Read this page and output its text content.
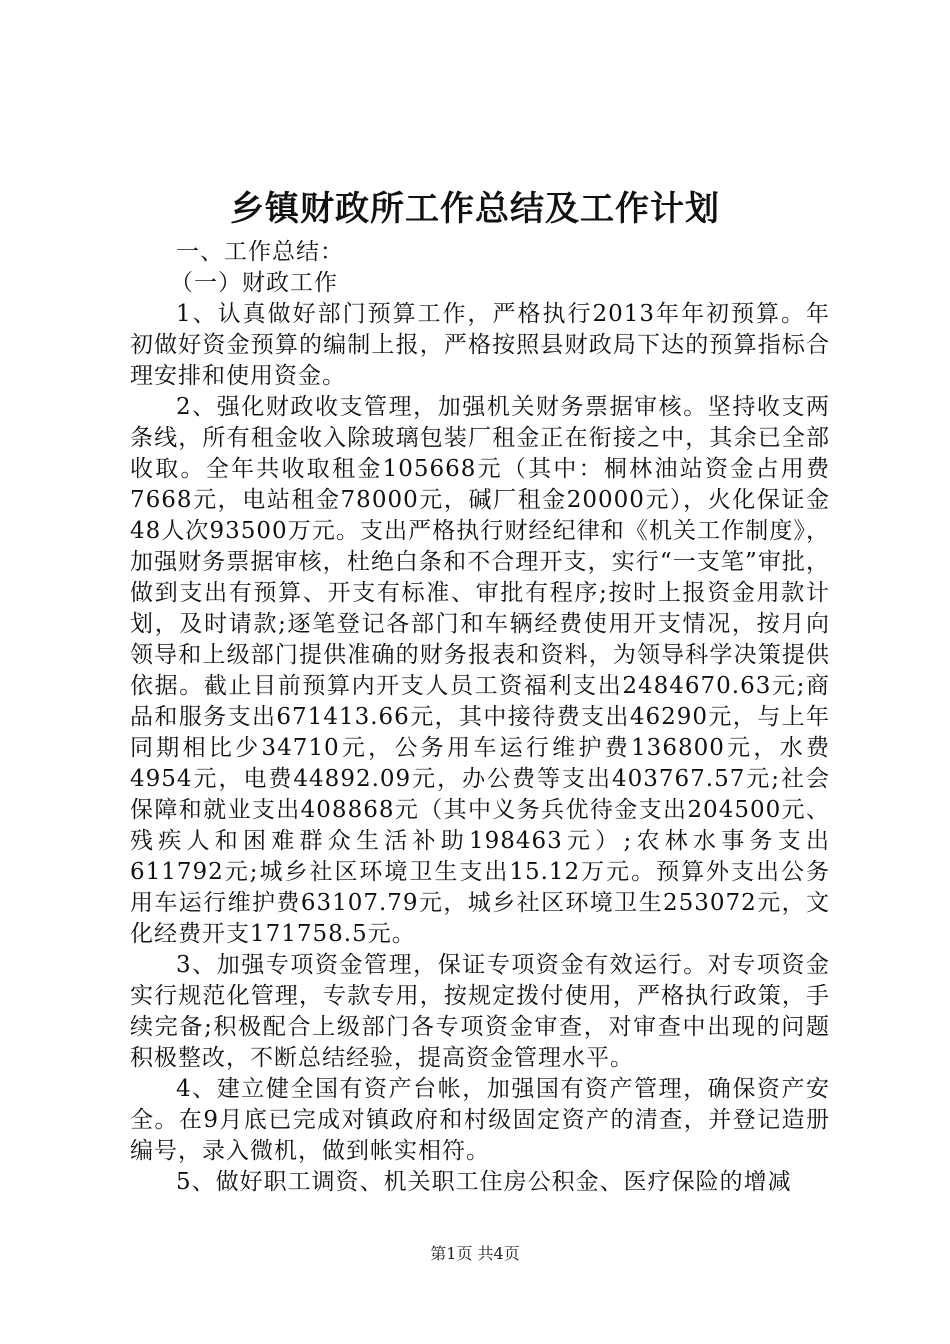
乡镇财政所工作总结及工作计划

一、工作总结：

（一）财政工作

1、认真做好部门预算工作，严格执行2013年年初预算。年初做好资金预算的编制上报，严格按照县财政局下达的预算指标合理安排和使用资金。

2、强化财政收支管理，加强机关财务票据审核。坚持收支两条线，所有租金收入除玻璃包装厂租金正在衔接之中，其余已全部收取。全年共收取租金105668元（其中：桐林油站资金占用费7668元，电站租金78000元，碱厂租金20000元），火化保证金48人次93500万元。支出严格执行财经纪律和《机关工作制度》，加强财务票据审核，杜绝白条和不合理开支，实行“一支笔”审批，做到支出有预算、开支有标准、审批有程序;按时上报资金用款计划，及时请款;逐笔登记各部门和车辆经费使用开支情况，按月向领导和上级部门提供准确的财务报表和资料，为领导科学决策提供依据。截止目前预算内开支人员工资福利支出2484670.63元;商品和服务支出671413.66元，其中接待费支出46290元，与上年同期相比少34710元，公务用车运行维护费136800元，水费4954元，电费44892.09元，办公费等支出403767.57元;社会保障和就业支出408868元（其中义务兵优待金支出204500元、残疾人和困难群众生活补助198463元）;农林水事务支出611792元;城乡社区环境卫生支出15.12万元。预算外支出公务用车运行维护费63107.79元，城乡社区环境卫生253072元，文化经费开支171758.5元。

3、加强专项资金管理，保证专项资金有效运行。对专项资金实行规范化管理，专款专用，按规定拨付使用，严格执行政策，手续完备;积极配合上级部门各专项资金审查，对审查中出现的问题积极整改，不断总结经验，提高资金管理水平。

4、建立健全国有资产台帐，加强国有资产管理，确保资产安全。在9月底已完成对镇政府和村级固定资产的清查，并登记造册编号，录入微机，做到帐实相符。

5、做好职工调资、机关职工住房公积金、医疗保险的增减

第1页 共4页
